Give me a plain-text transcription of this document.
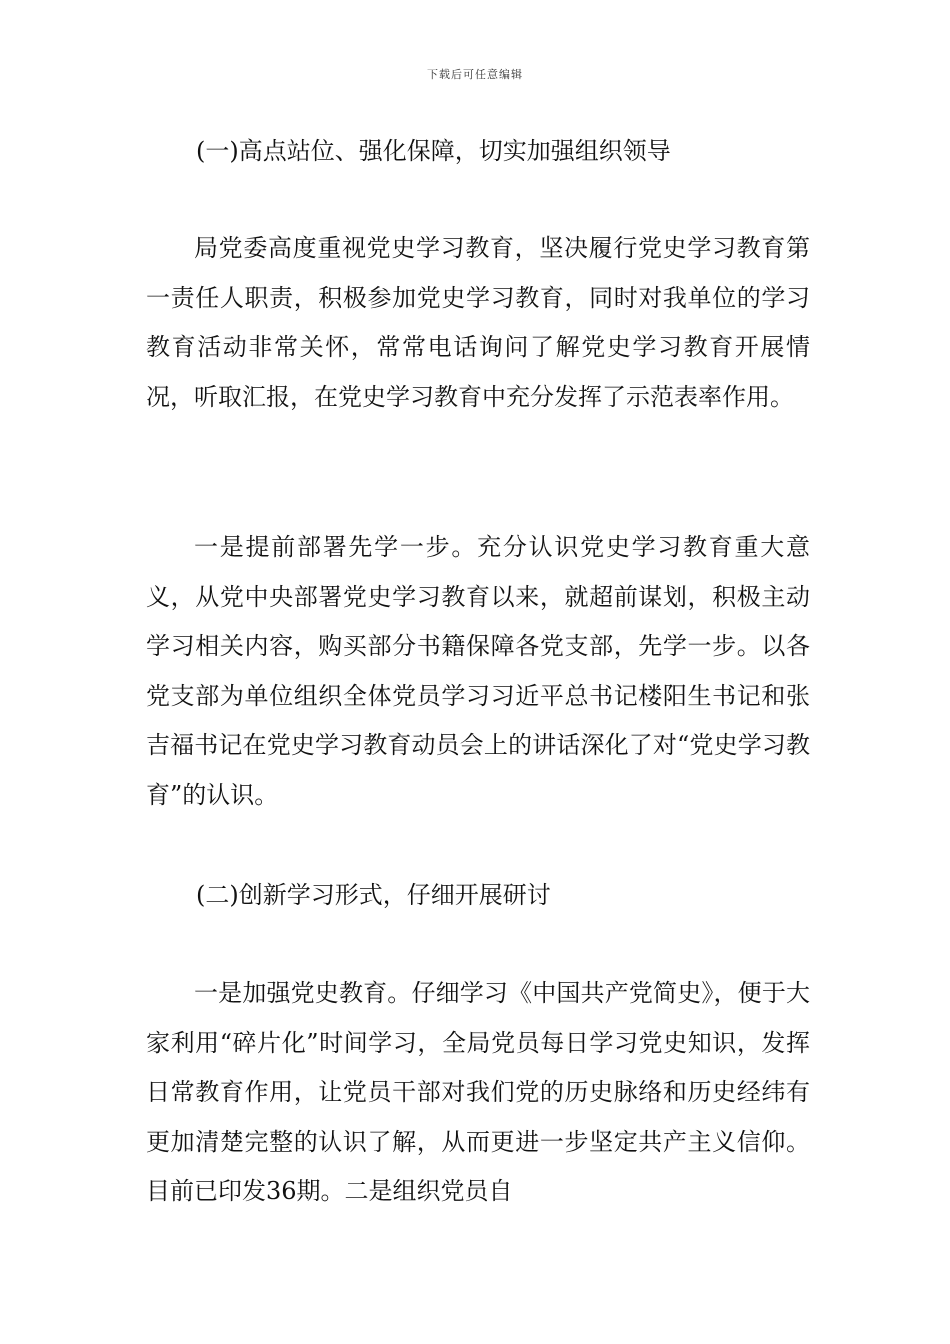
下载后可任意编辑
(一)高点站位、强化保障，切实加强组织领导

局党委高度重视党史学习教育，坚决履行党史学习教育第一责任人职责，积极参加党史学习教育，同时对我单位的学习教育活动非常关怀，常常电话询问了解党史学习教育开展情况，听取汇报，在党史学习教育中充分发挥了示范表率作用。

一是提前部署先学一步。充分认识党史学习教育重大意义，从党中央部署党史学习教育以来，就超前谋划，积极主动学习相关内容，购买部分书籍保障各党支部，先学一步。以各党支部为单位组织全体党员学习习近平总书记楼阳生书记和张吉福书记在党史学习教育动员会上的讲话深化了对“党史学习教育”的认识。

(二)创新学习形式，仔细开展研讨

一是加强党史教育。仔细学习《中国共产党简史》，便于大家利用“碎片化”时间学习，全局党员每日学习党史知识，发挥日常教育作用，让党员干部对我们党的历史脉络和历史经纬有更加清楚完整的认识了解，从而更进一步坚定共产主义信仰。目前已印发36期。二是组织党员自
